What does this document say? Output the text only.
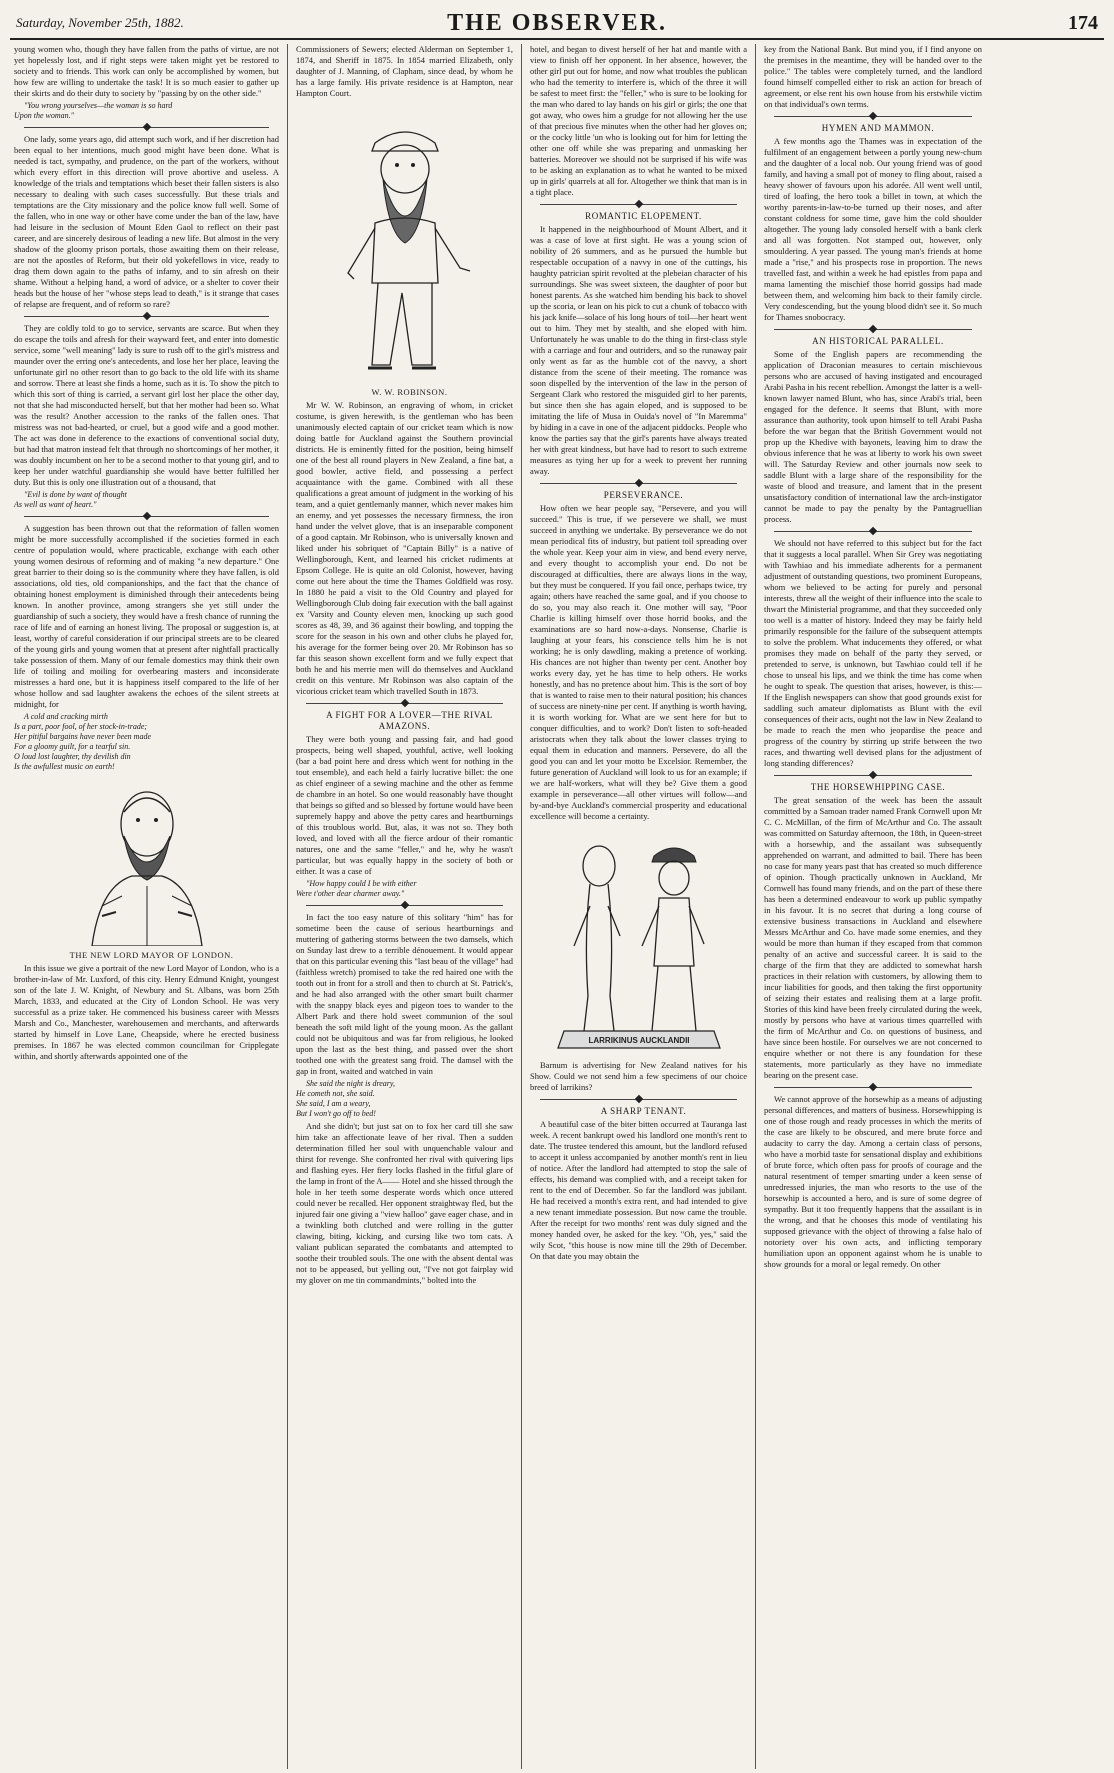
Saturday, November 25th, 1882.	THE OBSERVER.	174

young women who, though they have fallen from the paths of virtue, are not yet hopelessly lost, and if right steps were taken might yet be restored to society and to friends. This work can only be accomplished by women, but how few are willing to undertake the task! It is so much easier to gather up their skirts and do their duty to society by "passing by on the other side."

"You wrong yourselves—the woman is so hard
Upon the woman."

One lady, some years ago, did attempt such work, and if her discretion had been equal to her intentions, much good might have been done. What is needed is tact, sympathy, and prudence, on the part of the workers, without which every effort in this direction will prove abortive and useless. A knowledge of the trials and temptations which beset their fallen sisters is also necessary to dealing with such cases successfully. But these trials and temptations are the City missionary and the police know full well. Some of the fallen, who in one way or other have come under the ban of the law, have had leisure in the seclusion of Mount Eden Gaol to reflect on their past career, and are sincerely desirous of leading a new life. But almost in the very shadow of the gloomy prison portals, those awaiting them on their release, are not the apostles of Reform, but their old yokefellows in vice, ready to drag them down again to the paths of infamy, and to sin afresh on their shame. Without a helping hand, a word of advice, or a shelter to cover their heads but the house of her "whose steps lead to death," is it strange that cases of relapse are frequent, and of reform so rare?

They are coldly told to go to service, servants are scarce. But when they do escape the toils and afresh for their wayward feet, and enter into domestic service, some "well meaning" lady is sure to rush off to the girl's mistress and maunder over the erring one's antecedents, and lose her her place, leaving the unfortunate girl no other resort than to go back to the old life with its shame and sorrow. There at least she finds a home, such as it is. To show the pitch to which this sort of thing is carried, a servant girl lost her place the other day, not that she had misconducted herself, but that her mother had been so. What was the result? Another accession to the ranks of the fallen ones. That mistress was not bad-hearted, or cruel, but a good wife and a good mother. The act was done in deference to the exactions of conventional social duty, but had that matron instead felt that through no shortcomings of her mother, it was doubly incumbent on her to be a second mother to that young girl, and to keep her under watchful guardianship she would have better fulfilled her duty. But this is only one illustration out of a thousand, that

"Evil is done by want of thought
As well as want of heart."

A suggestion has been thrown out that the reformation of fallen women might be more successfully accomplished if the societies formed in each centre of population would, where practicable, exchange with each other young women desirous of reforming and of making "a new departure." One great barrier to their doing so is the community where they have fallen, is old associations, old ties, old companionships, and the fact that the chance of obtaining honest employment is diminished through their antecedents being known. In another province, among strangers she yet still under the guardianship of such a society, they would have a fresh chance of running the race of life and of earning an honest living. The proposal or suggestion is, at least, worthy of careful consideration if our principal streets are to be cleared of the young girls and young women that at present after nightfall practically take possession of them. Many of our female domestics may think their own life of toiling and moiling for overbearing masters and inconsiderate mistresses a hard one, but it is happiness itself compared to the life of her whose hollow and sad laughter awakens the echoes of the silent streets at midnight, for

A cold and cracking mirth
Is a part, poor fool, of her stock-in-trade;
Her pitiful bargains have never been made
For a gloomy guilt, for a tearful sin.
O loud lost laughter, thy devilish din
Is the awfullest music on earth!

THE NEW LORD MAYOR OF LONDON.

In this issue we give a portrait of the new Lord Mayor of London, who is a brother-in-law of Mr. Luxford, of this city. Henry Edmund Knight, youngest son of the late J. W. Knight, of Newbury and St. Albans, was born 25th March, 1833, and educated at the City of London School. He was very successful as a prize taker. He commenced his business career with Messrs Marsh and Co., Manchester, warehousemen and merchants, and afterwards started by himself in Love Lane, Cheapside, where he erected business premises. In 1867 he was elected common councilman for Cripplegate within, and shortly afterwards appointed one of the

Commissioners of Sewers; elected Alderman on September 1, 1874, and Sheriff in 1875. In 1854 married Elizabeth, only daughter of J. Manning, of Clapham, since dead, by whom he has a large family. His private residence is at Hampton, near Hampton Court.

W. W. ROBINSON.

Mr W. W. Robinson, an engraving of whom, in cricket costume, is given herewith, is the gentleman who has been unanimously elected captain of our cricket team which is now doing battle for Auckland against the Southern provincial districts. He is eminently fitted for the position, being himself one of the best all round players in New Zealand, a fine bat, a good bowler, active field, and possessing a perfect acquaintance with the game. Combined with all these qualifications a great amount of judgment in the working of his team, and a quiet gentlemanly manner, which never makes him an enemy, and yet possesses the necessary firmness, the iron hand under the velvet glove, that is an inseparable component of a good captain. Mr Robinson, who is universally known and liked under his sobriquet of "Captain Billy" is a native of Wellingborough, Kent, and learned his cricket rudiments at Epsom College. He is quite an old Colonist, however, having come out here about the time the Thames Goldfield was rosy. In 1880 he paid a visit to the Old Country and played for Wellingborough Club doing fair execution with the ball against ex 'Varsity and County eleven men, knocking up such good scores as 48, 39, and 36 against their bowling, and topping the score for the season in his own and other clubs he played for, his average for the former being over 20. Mr Robinson has so far this season shown excellent form and we fully expect that both he and his merrie men will do themselves and Auckland credit on this venture. Mr Robinson was also captain of the vicorious cricket team which travelled South in 1873.

A FIGHT FOR A LOVER—THE RIVAL AMAZONS.

They were both young and passing fair, and had good prospects, being well shaped, youthful, active, well looking (bar a bad point here and dress which went for nothing in the tout ensemble), and each held a fairly lucrative billet: the one as chief engineer of a sewing machine and the other as femme de chambre in an hotel. So one would reasonably have thought that beings so gifted and so blessed by fortune would have been supremely happy and above the petty cares and heartburnings of this troublous world. But, alas, it was not so. They both loved, and loved with all the fierce ardour of their romantic natures, one and the same "feller," and he, why he wasn't particular, but was equally happy in the society of both or either. It was a case of

"How happy could I be with either
Were t'other dear charmer away."

In fact the too easy nature of this solitary "him" has for sometime been the cause of serious heartburnings and muttering of gathering storms between the two damsels, which on Sunday last drew to a terrible dénouement. It would appear that on this particular evening this "last beau of the village" had (faithless wretch) promised to take the red haired one with the tooth out in front for a stroll and then to church at St. Patrick's, and he had also arranged with the other smart built charmer with the snappy black eyes and pigeon toes to wander to the Albert Park and there hold sweet communion of the soul beneath the soft mild light of the young moon. As the gallant could not be ubiquitous and was far from religious, he looked upon the last as the best thing, and passed over the short toothed one with the greatest sang froid. The damsel with the gap in front, waited and watched in vain

She said the night is dreary,
He cometh not, she said.
She said, I am a weary,
But I won't go off to bed!

And she didn't; but just sat on to fox her card till she saw him take an affectionate leave of her rival. Then a sudden determination filled her soul with unquenchable valour and thirst for revenge. She confronted her rival with quivering lips and flashing eyes. Her fiery locks flashed in the fitful glare of the lamp in front of the A—— Hotel and she hissed through the hole in her teeth some desperate words which once uttered could never be recalled. Her opponent straightway fled, but the injured fair one giving a "view halloo" gave eager chase, and in a twinkling both clutched and were rolling in the gutter clawing, biting, kicking, and cursing like two tom cats. A valiant publican separated the combatants and attempted to soothe their troubled souls. The one with the absent dental was not to be appeased, but yelling out, "I've not got fairplay wid my glover on me tin commandmints," bolted into the

hotel, and began to divest herself of her hat and mantle with a view to finish off her opponent. In her absence, however, the other girl put out for home, and now what troubles the publican who had the temerity to interfere is, which of the three it will be safest to meet first: the "feller," who is sure to be looking for the man who dared to lay hands on his girl or girls; the one that got away, who owes him a grudge for not allowing her the use of that precious five minutes when the other had her gloves on; or the cocky little 'un who is looking out for him for letting the other one off while she was preparing and unmasking her batteries. Moreover we should not be surprised if his wife was to be asking an explanation as to what he wanted to be mixed up in girls' quarrels at all for. Altogether we think that man is in a tight place.

ROMANTIC ELOPEMENT.

It happened in the neighbourhood of Mount Albert, and it was a case of love at first sight. He was a young scion of nobility of 26 summers, and as he pursued the humble but respectable occupation of a navvy in one of the cuttings, his haughty patrician spirit revolted at the plebeian character of his surroundings. She was sweet sixteen, the daughter of poor but honest parents. As she watched him bending his back to shovel up the scoria, or lean on his pick to cut a chunk of tobacco with his jack knife—solace of his long hours of toil—her heart went out to him. They met by stealth, and she eloped with him. Unfortunately he was unable to do the thing in first-class style with a carriage and four and outriders, and so the runaway pair only went as far as the humble cot of the navvy, a short distance from the scene of their meeting. The romance was soon dispelled by the intervention of the law in the person of Sergeant Clark who restored the misguided girl to her parents, but since then she has again eloped, and is supposed to be imitating the life of Musa in Ouida's novel of "In Maremma" by hiding in a cave in one of the adjacent piddocks. People who know the parties say that the girl's parents have always treated her with great kindness, but have had to resort to such extreme measures as tying her up for a week to prevent her running away.

PERSEVERANCE.

How often we hear people say, "Persevere, and you will succeed." This is true, if we persevere we shall, we must succeed in anything we undertake. By perseverance we do not mean periodical fits of industry, but patient toil spreading over the whole year. Keep your aim in view, and bend every nerve, and every thought to accomplish your end. Do not be discouraged at difficulties, there are always lions in the way, but they must be conquered. If you fail once, perhaps twice, try again; others have reached the same goal, and if you choose to do so, you may also reach it. One mother will say, "Poor Charlie is killing himself over those horrid books, and the examinations are so hard now-a-days. Nonsense, Charlie is laughing at your fears, his conscience tells him he is not working; he is only dawdling, making a pretence of working. His chances are not higher than twenty per cent. Another boy works every day, yet he has time to help others. He works honestly, and has no pretence about him. This is the sort of boy that is wanted to raise men to their natural position; his chances of success are ninety-nine per cent. If anything is worth having, it is worth working for. What are we sent here for but to conquer difficulties, and to work? Don't listen to soft-headed aristocrats when they talk about the lower classes trying to equal them in education and manners. Persevere, do all the good you can and let your motto be Excelsior. Remember, the future generation of Auckland will look to us for an example; if we are half-workers, what will they be? Give them a good example in perseverance—all other virtues will follow—and by-and-bye Auckland's commercial prosperity and educational excellence will become a certainty.

LARRIKINUS AUCKLANDII

Barnum is advertising for New Zealand natives for his Show. Could we not send him a few specimens of our choice breed of larrikins?

A SHARP TENANT.

A beautiful case of the biter bitten occurred at Tauranga last week. A recent bankrupt owed his landlord one month's rent to date. The trustee tendered this amount, but the landlord refused to accept it unless accompanied by another month's rent in lieu of notice. After the landlord had attempted to stop the sale of effects, his demand was complied with, and a receipt taken for rent to the end of December. So far the landlord was jubilant. He had received a month's extra rent, and had intended to give a new tenant immediate possession. But now came the trouble. After the receipt for two months' rent was duly signed and the money handed over, he asked for the key. "Oh, yes," said the wily Scot, "this house is now mine till the 29th of December. On that date you may obtain the

key from the National Bank. But mind you, if I find anyone on the premises in the meantime, they will be handed over to the police." The tables were completely turned, and the landlord found himself compelled either to risk an action for breach of agreement, or else rent his own house from his erstwhile victim on that individual's own terms.

HYMEN AND MAMMON.

A few months ago the Thames was in expectation of the fulfilment of an engagement between a portly young new-chum and the daughter of a local nob. Our young friend was of good family, and having a small pot of money to fling about, raised a heavy shower of favours upon his adorée. All went well until, tired of loafing, the hero took a billet in town, at which the worthy parents-in-law-to-be turned up their noses, and after constant coldness for some time, gave him the cold shoulder altogether. The young lady consoled herself with a bank clerk and all was forgotten. Not stamped out, however, only smouldering. A year passed. The young man's friends at home made a "rise," and his prospects rose in proportion. The news travelled fast, and within a week he had epistles from papa and mama lamenting the mischief those horrid gossips had made between them, and welcoming him back to their family circle. Very condescending, but the young blood didn't see it. So much for Thames snobocracy.

AN HISTORICAL PARALLEL.

Some of the English papers are recommending the application of Draconian measures to certain mischievous persons who are accused of having instigated and encouraged Arabi Pasha in his recent rebellion. Amongst the latter is a well-known lawyer named Blunt, who has, since Arabi's trial, been engaged for the defence. It seems that Blunt, with more assurance than authority, took upon himself to tell Arabi Pasha before the war began that the British Government would not prop up the Khedive with bayonets, leaving him to draw the obvious inference that he was at liberty to work his own sweet will. The Saturday Review and other journals now seek to saddle Blunt with a large share of the responsibility for the waste of blood and treasure, and lament that in the present unsatisfactory condition of international law the arch-instigator cannot be made to pay the penalty by the Pantagruellian process.

We should not have referred to this subject but for the fact that it suggests a local parallel. When Sir Grey was negotiating with Tawhiao and his immediate adherents for a permanent adjustment of outstanding questions, two prominent Europeans, whom we believed to be acting for purely and personal interests, threw all the weight of their influence into the scale to thwart the Ministerial programme, and that they succeeded only too well is a matter of history. Indeed they may be fairly held primarily responsible for the failure of the subsequent attempts to solve the problem. What inducements they offered, or what promises they made on behalf of the party they served, or pretended to serve, is unknown, but Tawhiao could tell if he chose to unseal his lips, and we think the time has come when he ought to speak. The question that arises, however, is this:—If the English newspapers can show that good grounds exist for saddling such amateur diplomatists as Blunt with the evil consequences of their acts, ought not the law in New Zealand to be made to reach the men who jeopardise the peace and progress of the country by stirring up strife between the two races, and thwarting well devised plans for the adjustment of long standing differences?

THE HORSEWHIPPING CASE.

The great sensation of the week has been the assault committed by a Samoan trader named Frank Cornwell upon Mr C. C. McMillan, of the firm of McArthur and Co. The assault was committed on Saturday afternoon, the 18th, in Queen-street with a horsewhip, and the assailant was subsequently apprehended on warrant, and admitted to bail. There has been no case for many years past that has created so much difference of opinion. Though practically unknown in Auckland, Mr Cornwell has found many friends, and on the part of these there has been a determined endeavour to work up public sympathy in his favour. It is no secret that during a long course of extensive business transactions in Auckland and elsewhere Messrs McArthur and Co. have made some enemies, and they would be more than human if they escaped from that common penalty of an active and successful career. It is said to the charge of the firm that they are addicted to somewhat harsh practices in their relation with customers, by allowing them to incur liabilities for goods, and then taking the first opportunity of seizing their estates and realising them at a large profit. Stories of this kind have been freely circulated during the week, mostly by persons who have at various times quarrelled with the firm of McArthur and Co. on questions of business, and have since been hostile. For ourselves we are not concerned to enquire whether or not there is any foundation for these statements, more particularly as they have no immediate bearing on the present case.

We cannot approve of the horsewhip as a means of adjusting personal differences, and matters of business. Horsewhipping is one of those rough and ready processes in which the merits of the case are likely to be obscured, and mere brute force and audacity to carry the day. Among a certain class of persons, who have a morbid taste for sensational display and exhibitions of brute force, which often pass for proofs of courage and the natural resentment of temper smarting under a keen sense of unredressed injuries, the man who resorts to the use of the horsewhip is accounted a hero, and is sure of some degree of sympathy. But it too frequently happens that the assailant is in the wrong, and that he chooses this mode of ventilating his supposed grievance with the object of throwing a false halo of notoriety over his own acts, and inflicting temporary humiliation upon an opponent against whom he is unable to show grounds for a moral or legal remedy. On other
